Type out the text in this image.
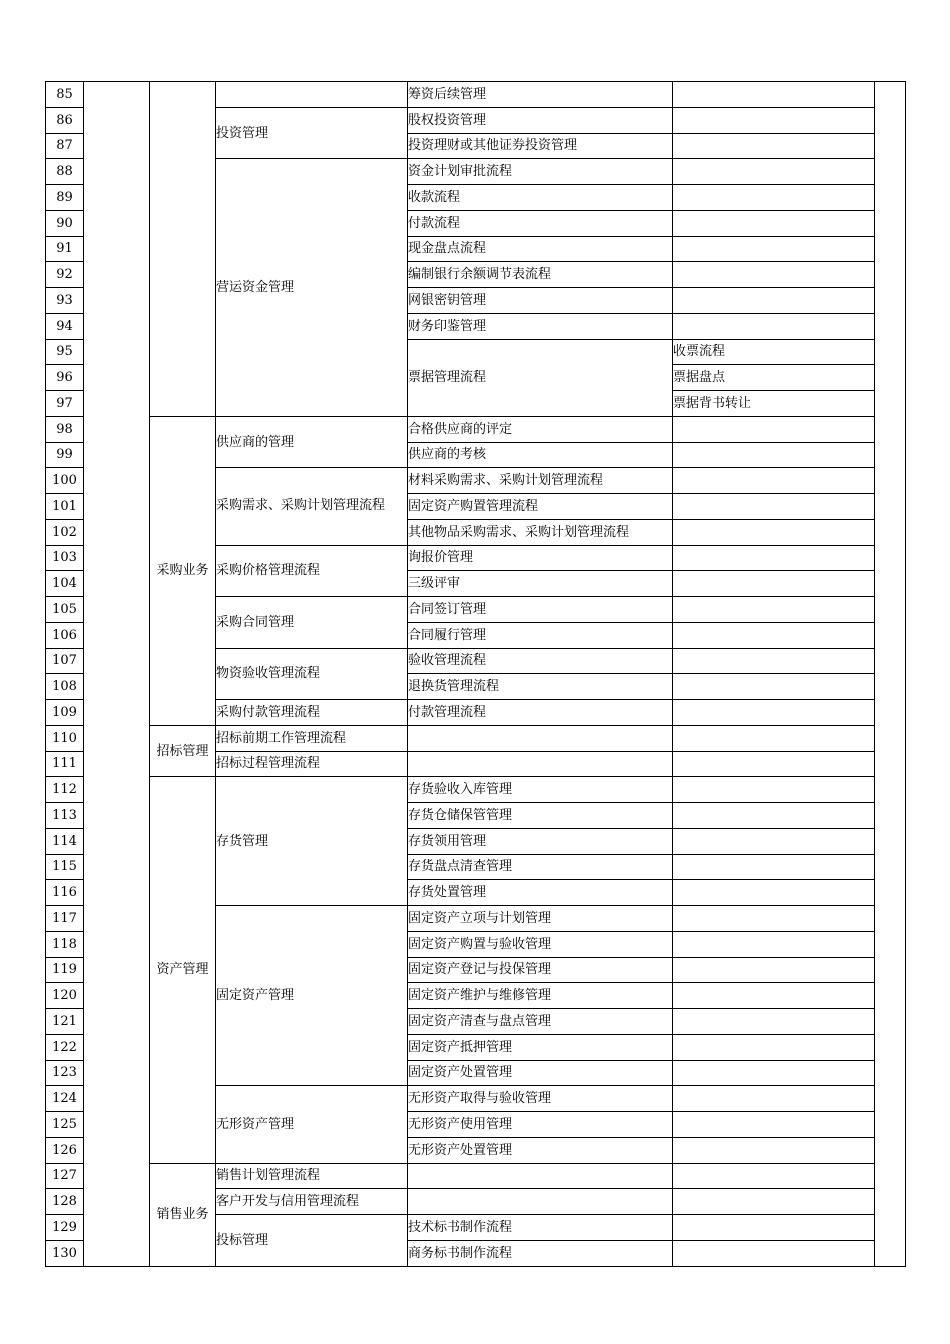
85				筹资后续管理		
86			投资管理	股权投资管理		
87				投资理财或其他证券投资管理		
88			营运资金管理	资金计划审批流程		
89				收款流程		
90				付款流程		
91				现金盘点流程		
92				编制银行余额调节表流程		
93				网银密钥管理		
94				财务印鉴管理		
95				票据管理流程	收票流程	
96					票据盘点	
97					票据背书转让	
98		采购业务	供应商的管理	合格供应商的评定		
99				供应商的考核		
100			采购需求、采购计划管理流程	材料采购需求、采购计划管理流程		
101				固定资产购置管理流程		
102				其他物品采购需求、采购计划管理流程		
103			采购价格管理流程	询报价管理		
104				三级评审		
105			采购合同管理	合同签订管理		
106				合同履行管理		
107			物资验收管理流程	验收管理流程		
108				退换货管理流程		
109			采购付款管理流程	付款管理流程		
110		招标管理	招标前期工作管理流程			
111			招标过程管理流程			
112		资产管理	存货管理	存货验收入库管理		
113				存货仓储保管管理		
114				存货领用管理		
115				存货盘点清查管理		
116				存货处置管理		
117			固定资产管理	固定资产立项与计划管理		
118				固定资产购置与验收管理		
119				固定资产登记与投保管理		
120				固定资产维护与维修管理		
121				固定资产清查与盘点管理		
122				固定资产抵押管理		
123				固定资产处置管理		
124			无形资产管理	无形资产取得与验收管理		
125				无形资产使用管理		
126				无形资产处置管理		
127		销售业务	销售计划管理流程			
128			客户开发与信用管理流程			
129			投标管理	技术标书制作流程		
130				商务标书制作流程		
